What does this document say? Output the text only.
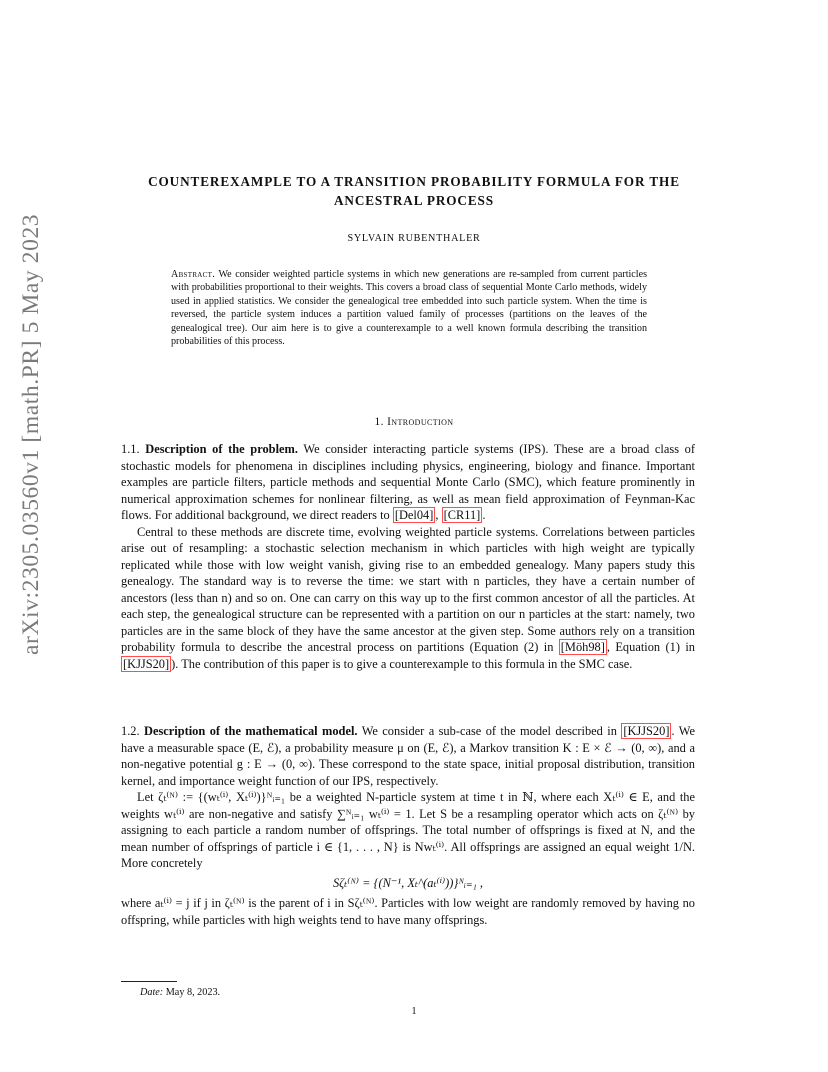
arXiv:2305.03560v1 [math.PR] 5 May 2023
COUNTEREXAMPLE TO A TRANSITION PROBABILITY FORMULA FOR THE ANCESTRAL PROCESS
SYLVAIN RUBENTHALER
Abstract. We consider weighted particle systems in which new generations are re-sampled from current particles with probabilities proportional to their weights. This covers a broad class of sequential Monte Carlo methods, widely used in applied statistics. We consider the genealogical tree embedded into such particle system. When the time is reversed, the particle system induces a partition valued family of processes (partitions on the leaves of the genealogical tree). Our aim here is to give a counterexample to a well known formula describing the transition probabilities of this process.
1. Introduction

1.1. Description of the problem. We consider interacting particle systems (IPS). These are a broad class of stochastic models for phenomena in disciplines including physics, engineering, biology and finance. Important examples are particle filters, particle methods and sequential Monte Carlo (SMC), which feature prominently in numerical approximation schemes for nonlinear filtering, as well as mean field approximation of Feynman-Kac flows. For additional background, we direct readers to [Del04] , [CR11] .

Central to these methods are discrete time, evolving weighted particle systems. Correlations between particles arise out of resampling: a stochastic selection mechanism in which particles with high weight are typically replicated while those with low weight vanish, giving rise to an embedded genealogy. Many papers study this genealogy. The standard way is to reverse the time: we start with n particles, they have a certain number of ancestors (less than n) and so on. One can carry on this way up to the first common ancestor of all the particles. At each step, the genealogical structure can be represented with a partition on our n particles at the start: namely, two particles are in the same block of they have the same ancestor at the given step. Some authors rely on a transition probability formula to describe the ancestral process on partitions (Equation (2) in [Möh98] , Equation (1) in [KJJS20] ). The contribution of this paper is to give a counterexample to this formula in the SMC case.

1.2. Description of the mathematical model. We consider a sub-case of the model described in [KJJS20] . We have a measurable space (E, ℰ), a probability measure μ on (E, ℰ), a Markov transition K : E × ℰ → (0, ∞), and a non-negative potential g : E → (0, ∞). These correspond to the state space, initial proposal distribution, transition kernel, and importance weight function of our IPS, respectively.

Let ζₜ⁽ᴺ⁾ := {(wₜ⁽ⁱ⁾, Xₜ⁽ⁱ⁾)}ᴺᵢ₌₁ be a weighted N-particle system at time t in ℕ, where each Xₜ⁽ⁱ⁾ ∈ E, and the weights wₜ⁽ⁱ⁾ are non-negative and satisfy ∑ᴺᵢ₌₁ wₜ⁽ⁱ⁾ = 1. Let S be a resampling operator which acts on ζₜ⁽ᴺ⁾ by assigning to each particle a random number of offsprings. The total number of offsprings is fixed at N, and the mean number of offsprings of particle i ∈ {1, . . . , N} is Nwₜ⁽ⁱ⁾. All offsprings are assigned an equal weight 1/N. More concretely

Sζₜ⁽ᴺ⁾ = {(N⁻¹, Xₜ^(aₜ⁽ⁱ⁾))}ᴺᵢ₌₁ ,

where aₜ⁽ⁱ⁾ = j if j in ζₜ⁽ᴺ⁾ is the parent of i in Sζₜ⁽ᴺ⁾. Particles with low weight are randomly removed by having no offspring, while particles with high weights tend to have many offsprings.

Date: May 8, 2023.
1
